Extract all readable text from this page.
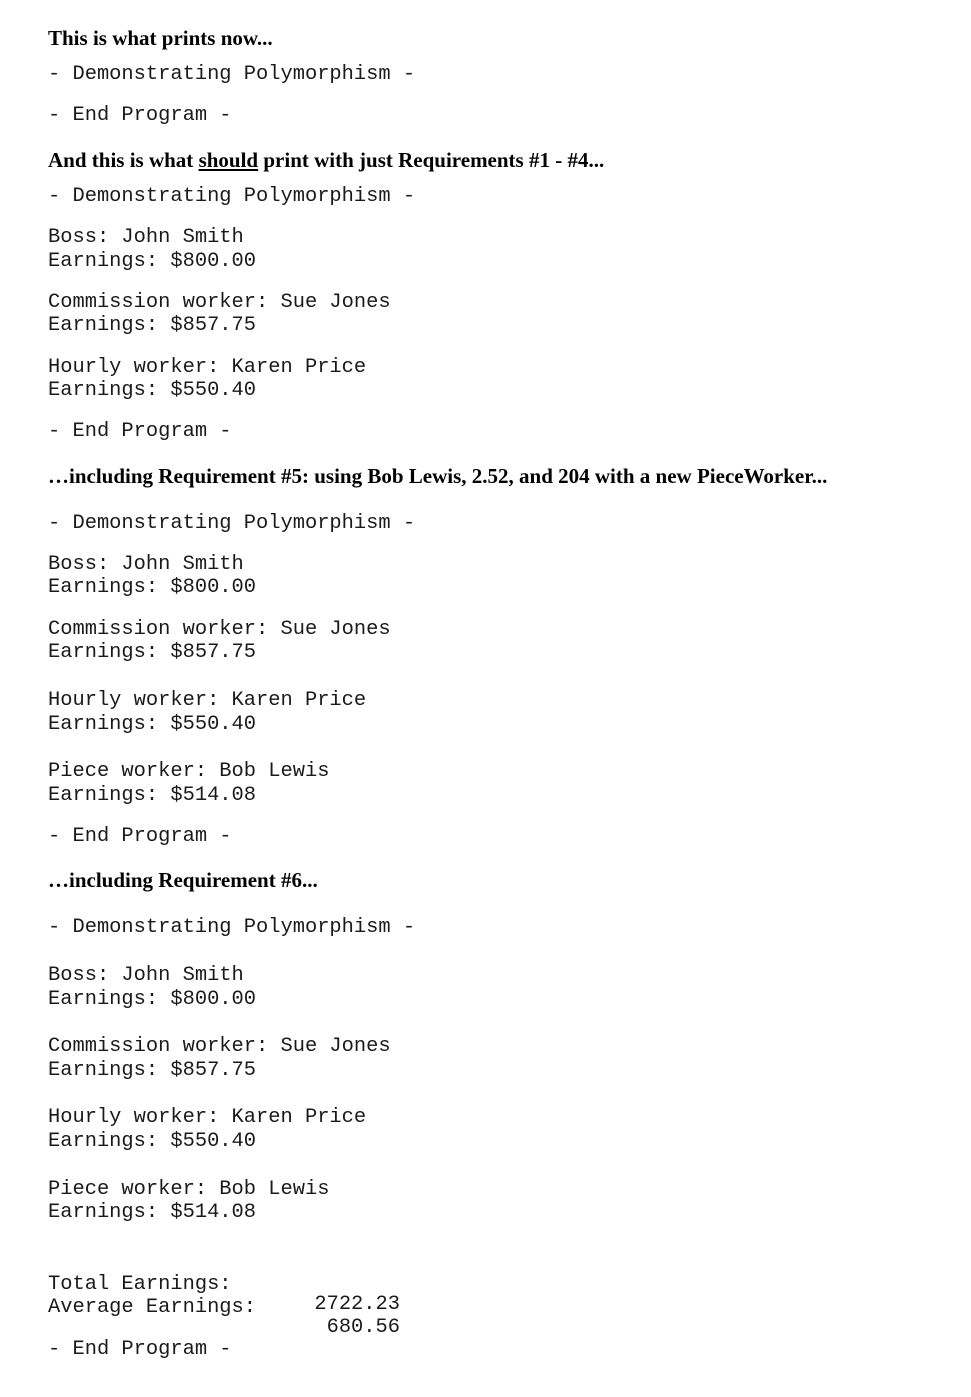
This is what prints now...

- Demonstrating Polymorphism -

- End Program -

And this is what should print with just Requirements #1 - #4...

- Demonstrating Polymorphism -

Boss: John Smith

Earnings: $800.00

Commission worker: Sue Jones

Earnings: $857.75

Hourly worker: Karen Price

Earnings: $550.40

- End Program -

…including Requirement #5: using Bob Lewis, 2.52, and 204 with a new PieceWorker...

- Demonstrating Polymorphism -

Boss: John Smith

Earnings: $800.00

Commission worker: Sue Jones

Earnings: $857.75

Hourly worker: Karen Price

Earnings: $550.40

Piece worker: Bob Lewis

Earnings: $514.08

- End Program -

…including Requirement #6...

- Demonstrating Polymorphism -

Boss: John Smith

Earnings: $800.00

Commission worker: Sue Jones

Earnings: $857.75

Hourly worker: Karen Price

Earnings: $550.40

Piece worker: Bob Lewis

Earnings: $514.08

Total Earnings:

2722.23

Average Earnings:

680.56

- End Program -
